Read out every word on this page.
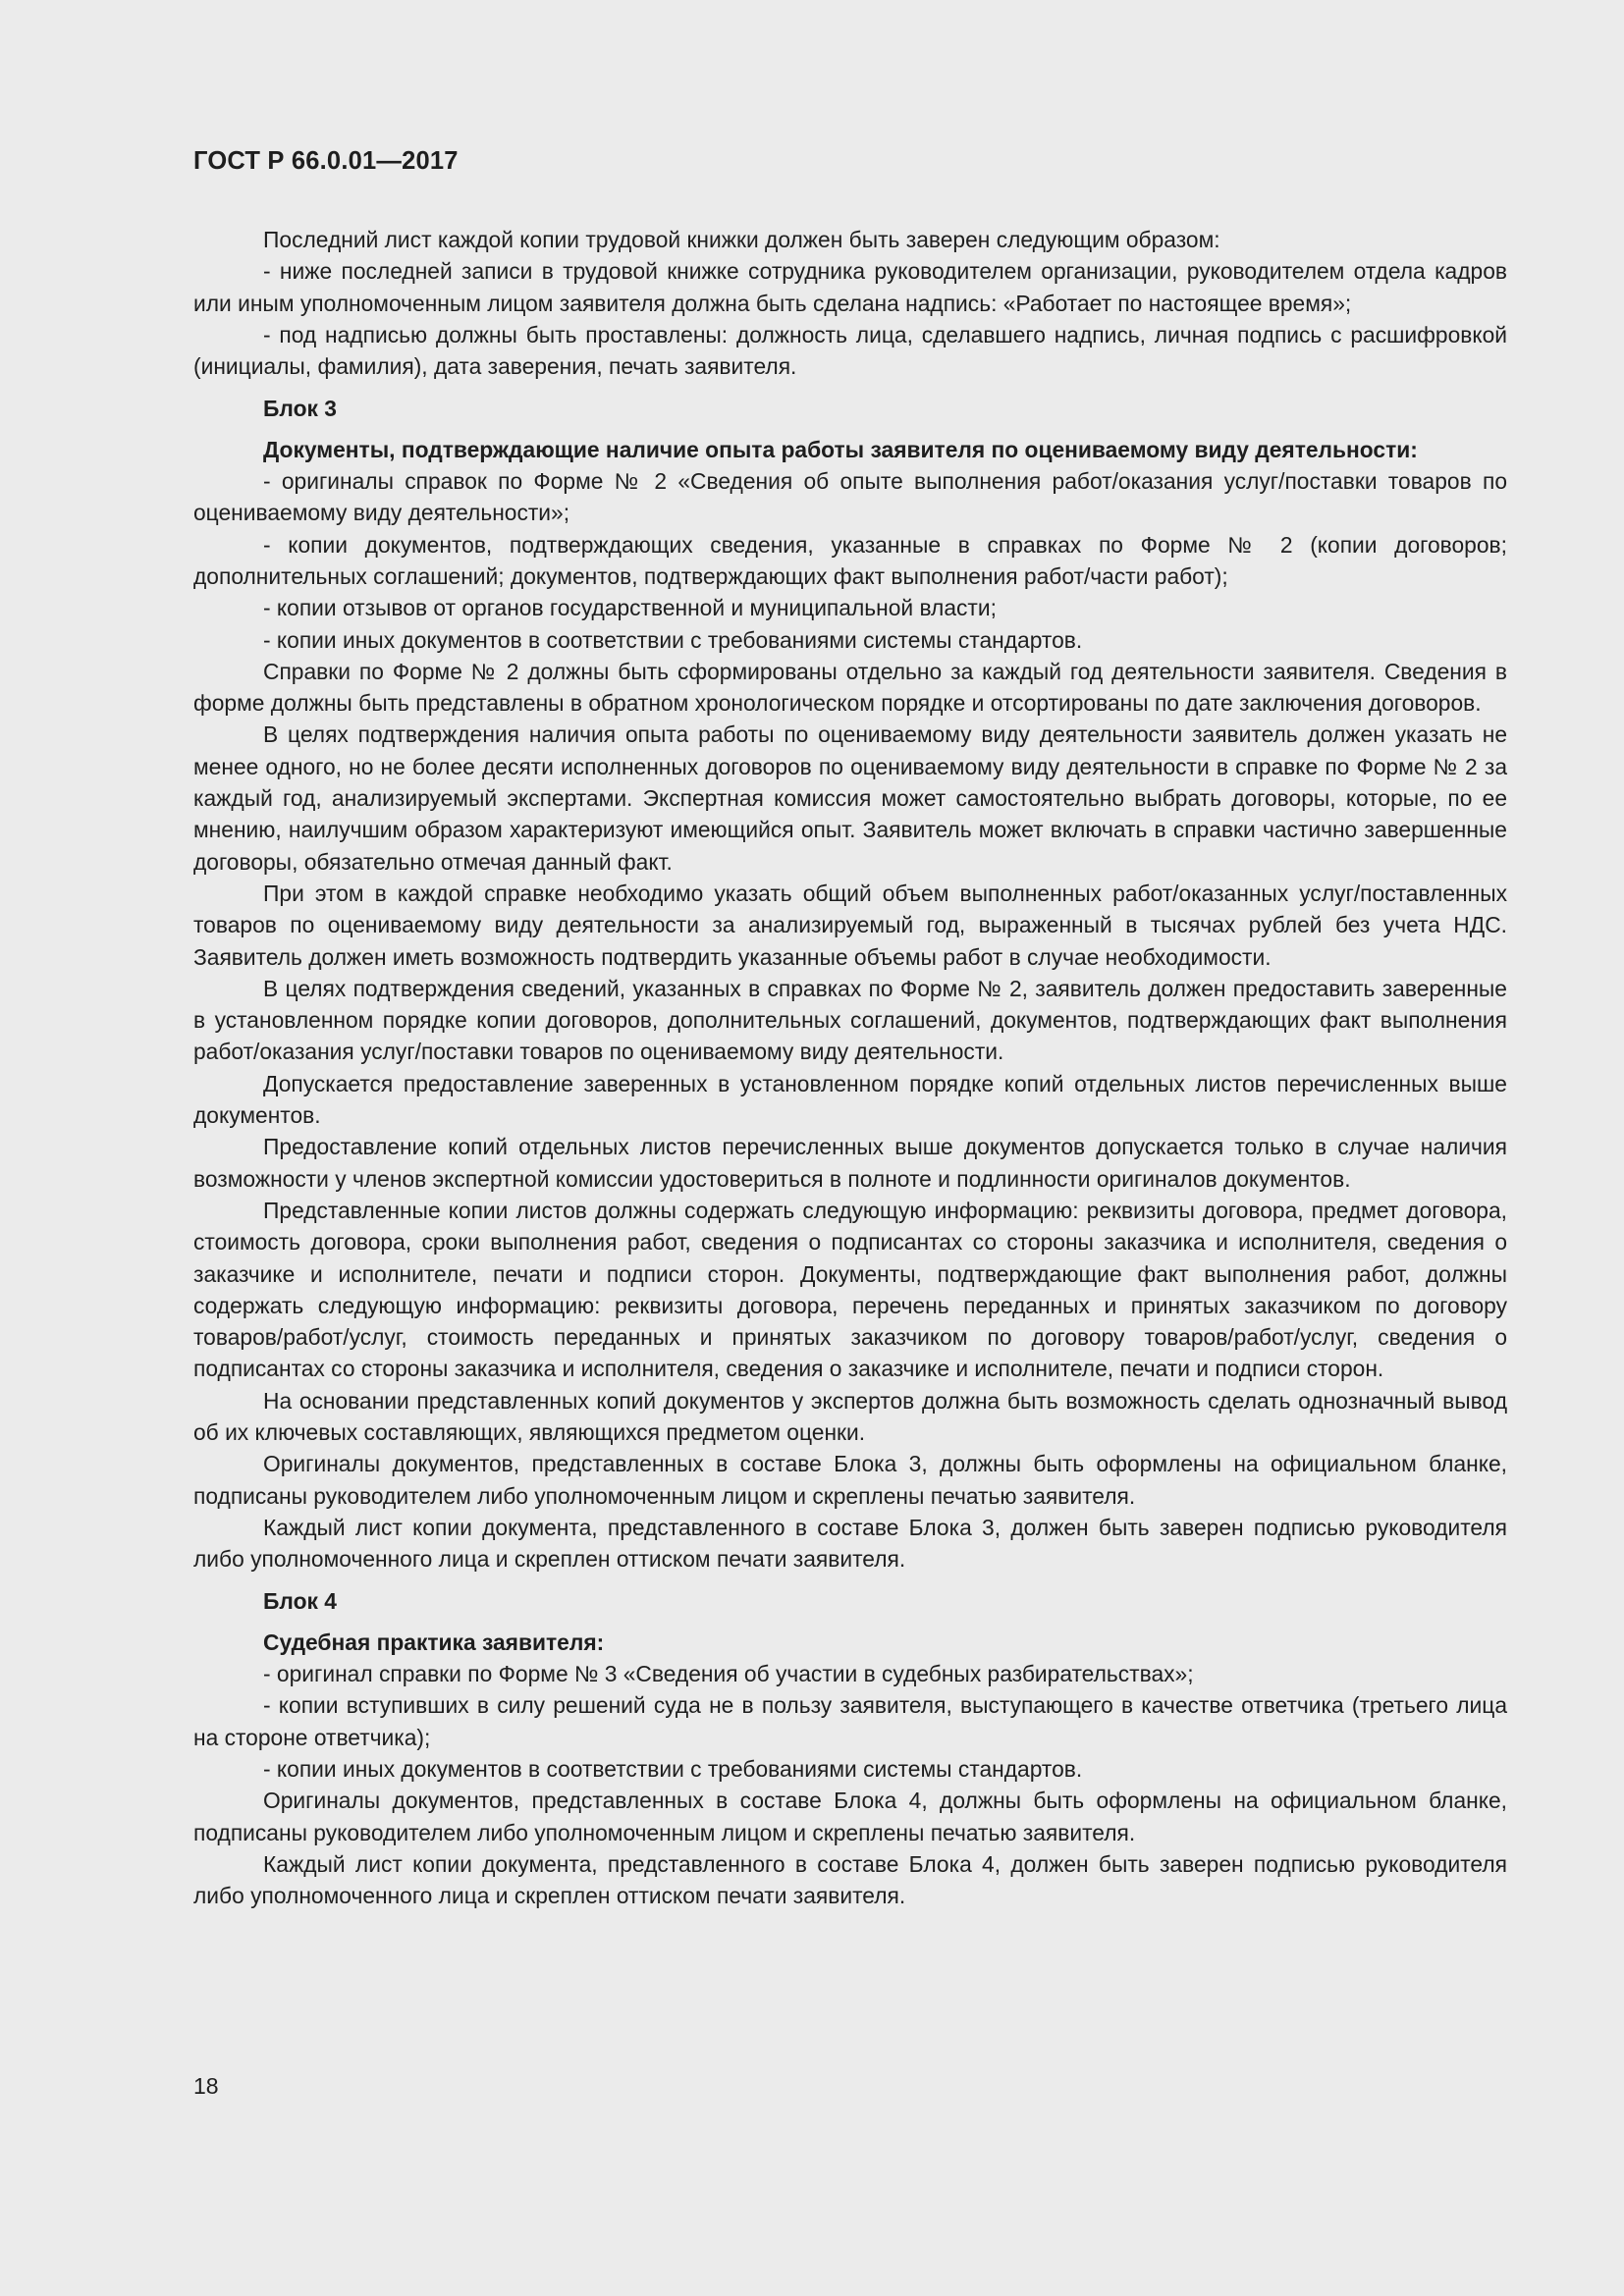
ГОСТ Р 66.0.01—2017

Последний лист каждой копии трудовой книжки должен быть заверен следующим образом:

- ниже последней записи в трудовой книжке сотрудника руководителем организации, руководителем отдела кадров или иным уполномоченным лицом заявителя должна быть сделана надпись: «Работает по настоящее время»;

- под надписью должны быть проставлены: должность лица, сделавшего надпись, личная подпись с расшифровкой (инициалы, фамилия), дата заверения, печать заявителя.

Блок 3

Документы, подтверждающие наличие опыта работы заявителя по оцениваемому виду деятельности:

- оригиналы справок по Форме № 2 «Сведения об опыте выполнения работ/оказания услуг/поставки товаров по оцениваемому виду деятельности»;

- копии документов, подтверждающих сведения, указанные в справках по Форме № 2 (копии договоров; дополнительных соглашений; документов, подтверждающих факт выполнения работ/части работ);

- копии отзывов от органов государственной и муниципальной власти;

- копии иных документов в соответствии с требованиями системы стандартов.

Справки по Форме № 2 должны быть сформированы отдельно за каждый год деятельности заявителя. Сведения в форме должны быть представлены в обратном хронологическом порядке и отсортированы по дате заключения договоров.

В целях подтверждения наличия опыта работы по оцениваемому виду деятельности заявитель должен указать не менее одного, но не более десяти исполненных договоров по оцениваемому виду деятельности в справке по Форме № 2 за каждый год, анализируемый экспертами. Экспертная комиссия может самостоятельно выбрать договоры, которые, по ее мнению, наилучшим образом характеризуют имеющийся опыт. Заявитель может включать в справки частично завершенные договоры, обязательно отмечая данный факт.

При этом в каждой справке необходимо указать общий объем выполненных работ/оказанных услуг/поставленных товаров по оцениваемому виду деятельности за анализируемый год, выраженный в тысячах рублей без учета НДС. Заявитель должен иметь возможность подтвердить указанные объемы работ в случае необходимости.

В целях подтверждения сведений, указанных в справках по Форме № 2, заявитель должен предоставить заверенные в установленном порядке копии договоров, дополнительных соглашений, документов, подтверждающих факт выполнения работ/оказания услуг/поставки товаров по оцениваемому виду деятельности.

Допускается предоставление заверенных в установленном порядке копий отдельных листов перечисленных выше документов.

Предоставление копий отдельных листов перечисленных выше документов допускается только в случае наличия возможности у членов экспертной комиссии удостовериться в полноте и подлинности оригиналов документов.

Представленные копии листов должны содержать следующую информацию: реквизиты договора, предмет договора, стоимость договора, сроки выполнения работ, сведения о подписантах со стороны заказчика и исполнителя, сведения о заказчике и исполнителе, печати и подписи сторон. Документы, подтверждающие факт выполнения работ, должны содержать следующую информацию: реквизиты договора, перечень переданных и принятых заказчиком по договору товаров/работ/услуг, стоимость переданных и принятых заказчиком по договору товаров/работ/услуг, сведения о подписантах со стороны заказчика и исполнителя, сведения о заказчике и исполнителе, печати и подписи сторон.

На основании представленных копий документов у экспертов должна быть возможность сделать однозначный вывод об их ключевых составляющих, являющихся предметом оценки.

Оригиналы документов, представленных в составе Блока 3, должны быть оформлены на официальном бланке, подписаны руководителем либо уполномоченным лицом и скреплены печатью заявителя.

Каждый лист копии документа, представленного в составе Блока 3, должен быть заверен подписью руководителя либо уполномоченного лица и скреплен оттиском печати заявителя.

Блок 4

Судебная практика заявителя:

- оригинал справки по Форме № 3 «Сведения об участии в судебных разбирательствах»;

- копии вступивших в силу решений суда не в пользу заявителя, выступающего в качестве ответчика (третьего лица на стороне ответчика);

- копии иных документов в соответствии с требованиями системы стандартов.

Оригиналы документов, представленных в составе Блока 4, должны быть оформлены на официальном бланке, подписаны руководителем либо уполномоченным лицом и скреплены печатью заявителя.

Каждый лист копии документа, представленного в составе Блока 4, должен быть заверен подписью руководителя либо уполномоченного лица и скреплен оттиском печати заявителя.

18
